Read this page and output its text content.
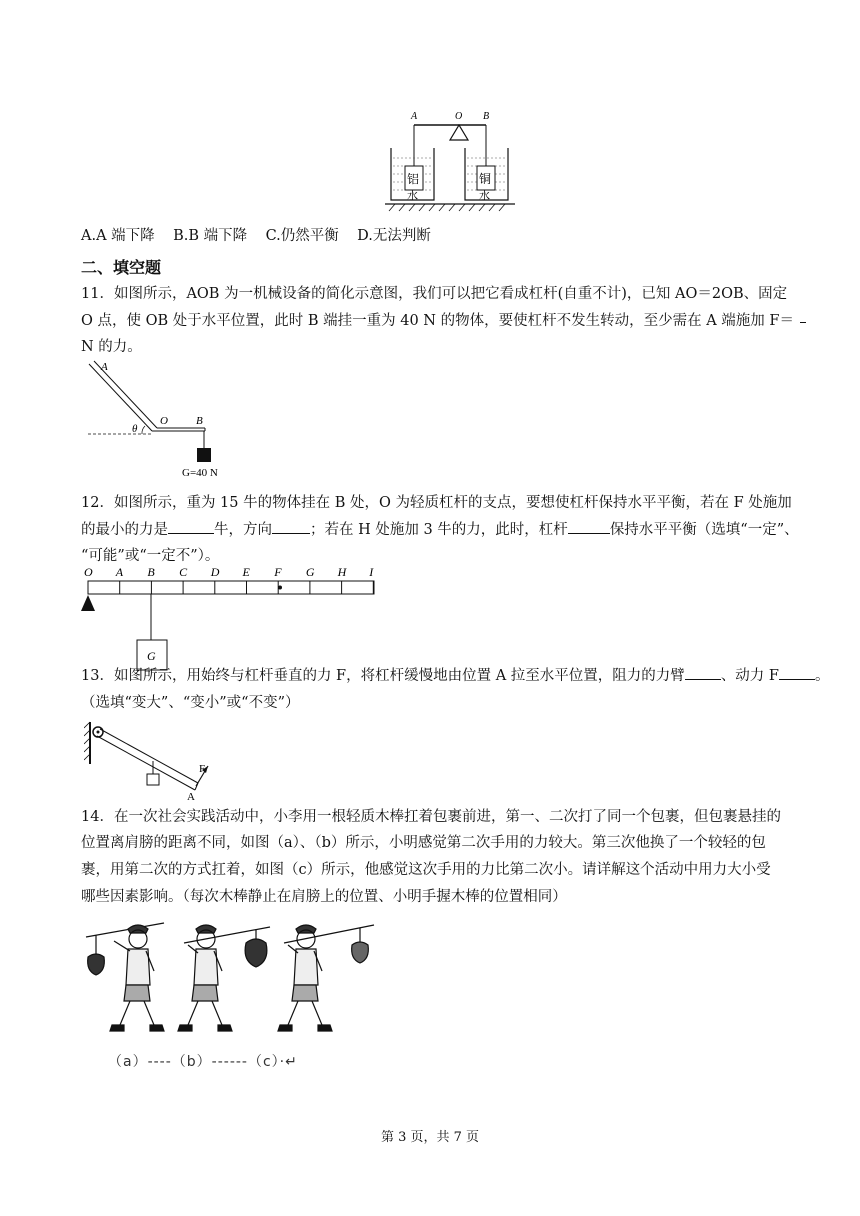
A	O B
铝
水
铜
水
A.A 端下降    B.B 端下降    C.仍然平衡    D.无法判断
二、填空题
11．如图所示，AOB 为一机械设备的简化示意图，我们可以把它看成杠杆(自重不计)，已知 AO＝2OB、固定
O 点，使 OB 处于水平位置，此时 B 端挂一重为 40 N 的物体，要使杠杆不发生转动，至少需在 A 端施加 F＝
N 的力。
A
O	B
θ
G=40 N
12．如图所示，重为 15 牛的物体挂在 B 处，O 为轻质杠杆的支点，要想使杠杆保持水平平衡，若在 F 处施加
的最小的力是	牛，方向	；若在 H 处施加 3 牛的力，此时，杠杆	保持水平平衡（选填“一定”、
“可能”或“一定不”）。
O A B C D E F G H I
G
13．如图所示，用始终与杠杆垂直的力 F，将杠杆缓慢地由位置 A 拉至水平位置，阻力的力臂 、动力 F 。
（选填“变大”、“变小”或“不变”）
F
A
14．在一次社会实践活动中，小李用一根轻质木棒扛着包裹前进，第一、二次打了同一个包裹，但包裹悬挂的
位置离肩膀的距离不同，如图（a）、（b）所示，小明感觉第二次手用的力较大。第三次他换了一个较轻的包
裹，用第二次的方式扛着，如图（c）所示，他感觉这次手用的力比第二次小。请详解这个活动中用力大小受
哪些因素影响。（每次木棒静止在肩膀上的位置、小明手握木棒的位置相同）
（a）----（b）------（c）·↵
第 3 页，共 7 页
